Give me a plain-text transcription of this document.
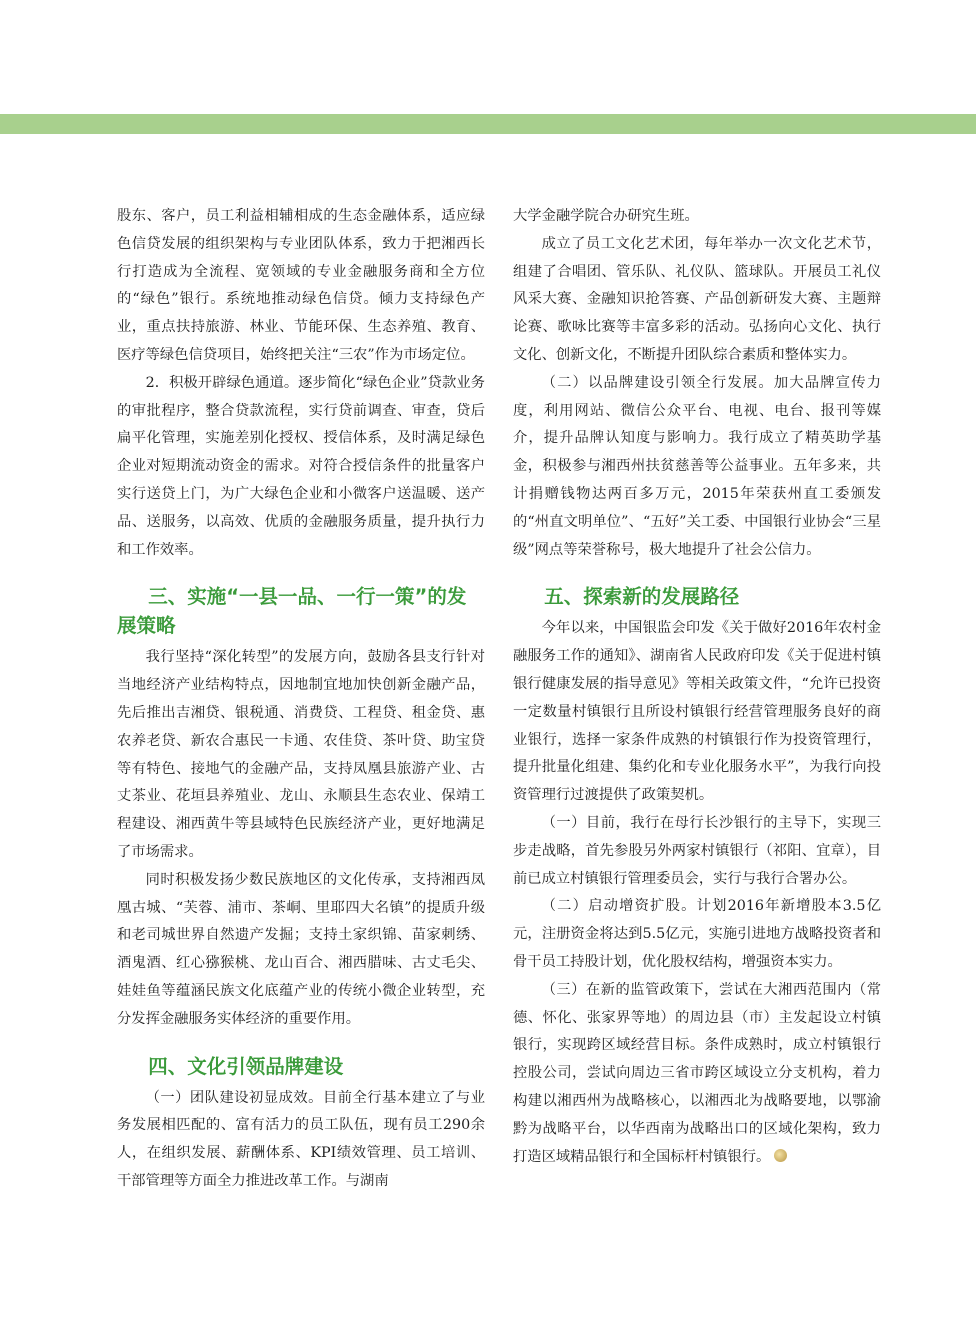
股东、客户，员工利益相辅相成的生态金融体系，适应绿色信贷发展的组织架构与专业团队体系，致力于把湘西长行打造成为全流程、宽领域的专业金融服务商和全方位的“绿色”银行。系统地推动绿色信贷。倾力支持绿色产业，重点扶持旅游、林业、节能环保、生态养殖、教育、医疗等绿色信贷项目，始终把关注“三农”作为市场定位。

2．积极开辟绿色通道。逐步简化“绿色企业”贷款业务的审批程序，整合贷款流程，实行贷前调查、审查，贷后扁平化管理，实施差别化授权、授信体系，及时满足绿色企业对短期流动资金的需求。对符合授信条件的批量客户实行送贷上门，为广大绿色企业和小微客户送温暖、送产品、送服务，以高效、优质的金融服务质量，提升执行力和工作效率。

三、实施“一县一品、一行一策”的发展策略

我行坚持“深化转型”的发展方向，鼓励各县支行针对当地经济产业结构特点，因地制宜地加快创新金融产品，先后推出吉湘贷、银税通、消费贷、工程贷、租金贷、惠农养老贷、新农合惠民一卡通、农佳贷、茶叶贷、助宝贷等有特色、接地气的金融产品，支持凤凰县旅游产业、古丈茶业、花垣县养殖业、龙山、永顺县生态农业、保靖工程建设、湘西黄牛等县域特色民族经济产业，更好地满足了市场需求。

同时积极发扬少数民族地区的文化传承，支持湘西凤凰古城、“芙蓉、浦市、茶峒、里耶四大名镇”的提质升级和老司城世界自然遗产发掘；支持土家织锦、苗家刺绣、酒鬼酒、红心猕猴桃、龙山百合、湘西腊味、古丈毛尖、娃娃鱼等蕴涵民族文化底蕴产业的传统小微企业转型，充分发挥金融服务实体经济的重要作用。

四、文化引领品牌建设

（一）团队建设初显成效。目前全行基本建立了与业务发展相匹配的、富有活力的员工队伍，现有员工290余人，在组织发展、薪酬体系、KPI绩效管理、员工培训、干部管理等方面全力推进改革工作。与湖南

大学金融学院合办研究生班。

成立了员工文化艺术团，每年举办一次文化艺术节，组建了合唱团、管乐队、礼仪队、篮球队。开展员工礼仪风采大赛、金融知识抢答赛、产品创新研发大赛、主题辩论赛、歌咏比赛等丰富多彩的活动。弘扬向心文化、执行文化、创新文化，不断提升团队综合素质和整体实力。

（二）以品牌建设引领全行发展。加大品牌宣传力度，利用网站、微信公众平台、电视、电台、报刊等媒介，提升品牌认知度与影响力。我行成立了精英助学基金，积极参与湘西州扶贫慈善等公益事业。五年多来，共计捐赠钱物达两百多万元，2015年荣获州直工委颁发的“州直文明单位”、“五好”关工委、中国银行业协会“三星级”网点等荣誉称号，极大地提升了社会公信力。

五、探索新的发展路径

今年以来，中国银监会印发《关于做好2016年农村金融服务工作的通知》、湖南省人民政府印发《关于促进村镇银行健康发展的指导意见》等相关政策文件，“允许已投资一定数量村镇银行且所设村镇银行经营管理服务良好的商业银行，选择一家条件成熟的村镇银行作为投资管理行，提升批量化组建、集约化和专业化服务水平”，为我行向投资管理行过渡提供了政策契机。

（一）目前，我行在母行长沙银行的主导下，实现三步走战略，首先参股另外两家村镇银行（祁阳、宜章），目前已成立村镇银行管理委员会，实行与我行合署办公。

（二）启动增资扩股。计划2016年新增股本3.5亿元，注册资金将达到5.5亿元，实施引进地方战略投资者和骨干员工持股计划，优化股权结构，增强资本实力。

（三）在新的监管政策下，尝试在大湘西范围内（常德、怀化、张家界等地）的周边县（市）主发起设立村镇银行，实现跨区域经营目标。条件成熟时，成立村镇银行控股公司，尝试向周边三省市跨区域设立分支机构，着力构建以湘西州为战略核心，以湘西北为战略要地，以鄂渝黔为战略平台，以华西南为战略出口的区域化架构，致力打造区域精品银行和全国标杆村镇银行。
